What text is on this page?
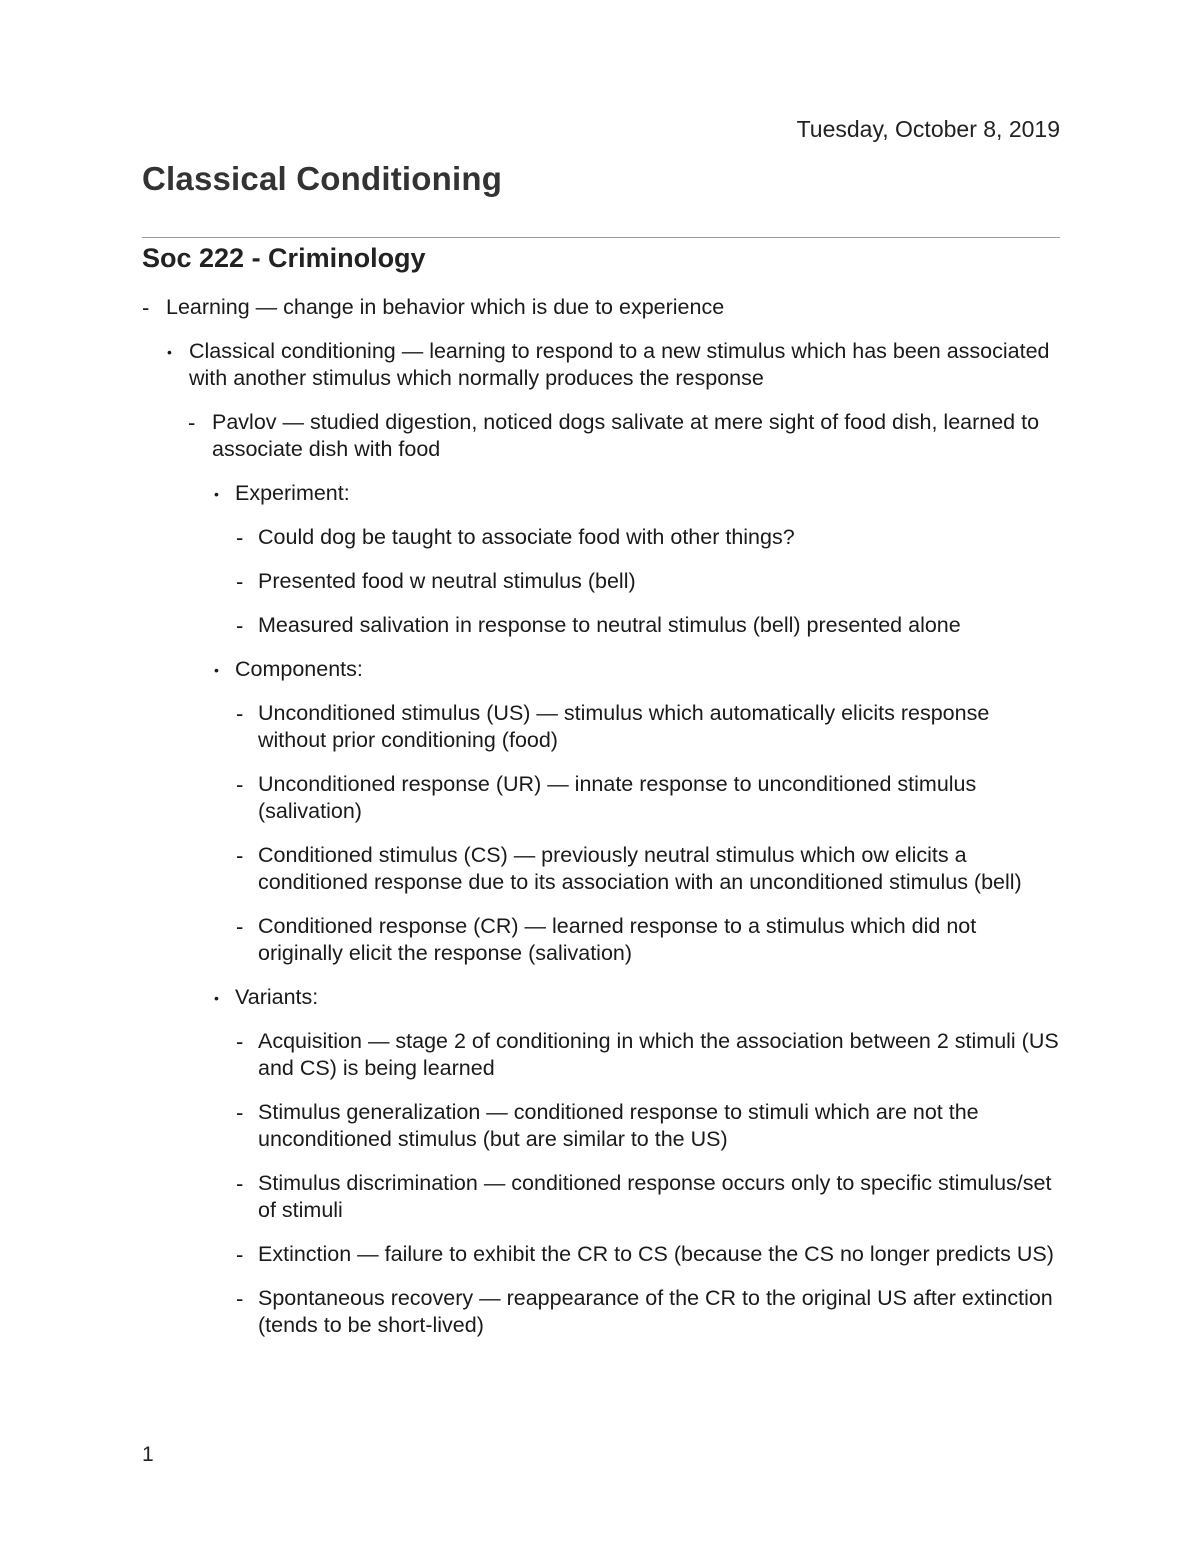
Tuesday, October 8, 2019
Classical Conditioning
Soc 222 - Criminology
- Learning — change in behavior which is due to experience
• Classical conditioning — learning to respond to a new stimulus which has been associated with another stimulus which normally produces the response
- Pavlov — studied digestion, noticed dogs salivate at mere sight of food dish, learned to associate dish with food
• Experiment:
- Could dog be taught to associate food with other things?
- Presented food w neutral stimulus (bell)
- Measured salivation in response to neutral stimulus (bell) presented alone
• Components:
- Unconditioned stimulus (US) — stimulus which automatically elicits response without prior conditioning (food)
- Unconditioned response (UR) — innate response to unconditioned stimulus (salivation)
- Conditioned stimulus (CS) — previously neutral stimulus which ow elicits a conditioned response due to its association with an unconditioned stimulus (bell)
- Conditioned response (CR) — learned response to a stimulus which did not originally elicit the response (salivation)
• Variants:
- Acquisition — stage 2 of conditioning in which the association between 2 stimuli (US and CS) is being learned
- Stimulus generalization — conditioned response to stimuli which are not the unconditioned stimulus (but are similar to the US)
- Stimulus discrimination — conditioned response occurs only to specific stimulus/set of stimuli
- Extinction — failure to exhibit the CR to CS (because the CS no longer predicts US)
- Spontaneous recovery — reappearance of the CR to the original US after extinction (tends to be short-lived)
1
